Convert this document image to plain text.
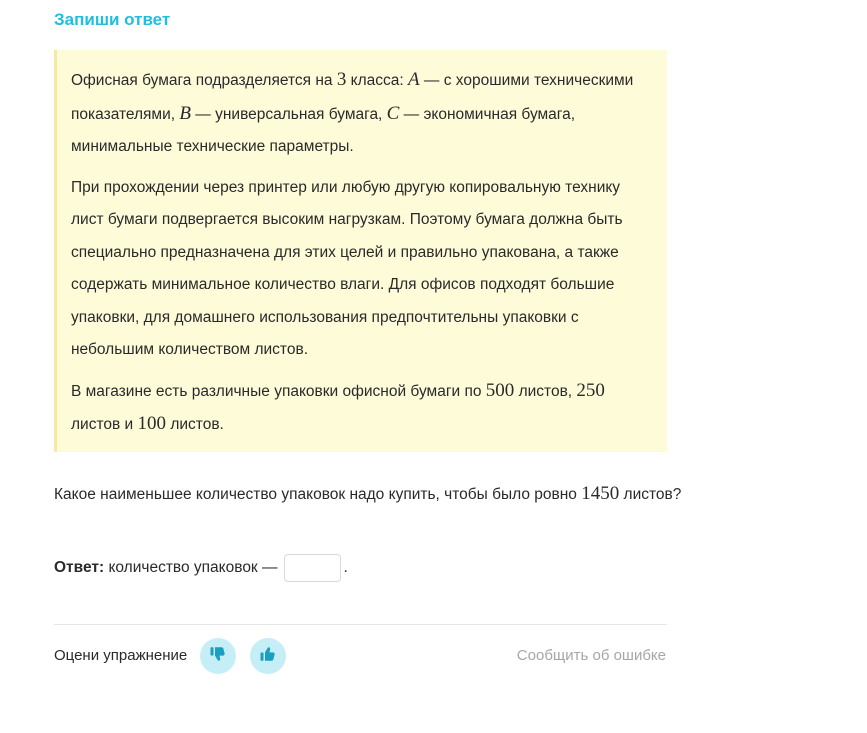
Запиши ответ

Офисная бумага подразделяется на 3 класса: A — с хорошими техническими показателями, B — универсальная бумага, C — экономичная бумага, минимальные технические параметры.

При прохождении через принтер или любую другую копировальную технику лист бумаги подвергается высоким нагрузкам. Поэтому бумага должна быть специально предназначена для этих целей и правильно упакована, а также содержать минимальное количество влаги. Для офисов подходят большие упаковки, для домашнего использования предпочтительны упаковки с небольшим количеством листов.

В магазине есть различные упаковки офисной бумаги по 500 листов, 250 листов и 100 листов.

Какое наименьшее количество упаковок надо купить, чтобы было ровно 1450 листов?
Ответ: количество упаковок —	.
Оцени упражнение	Сообщить об ошибке
